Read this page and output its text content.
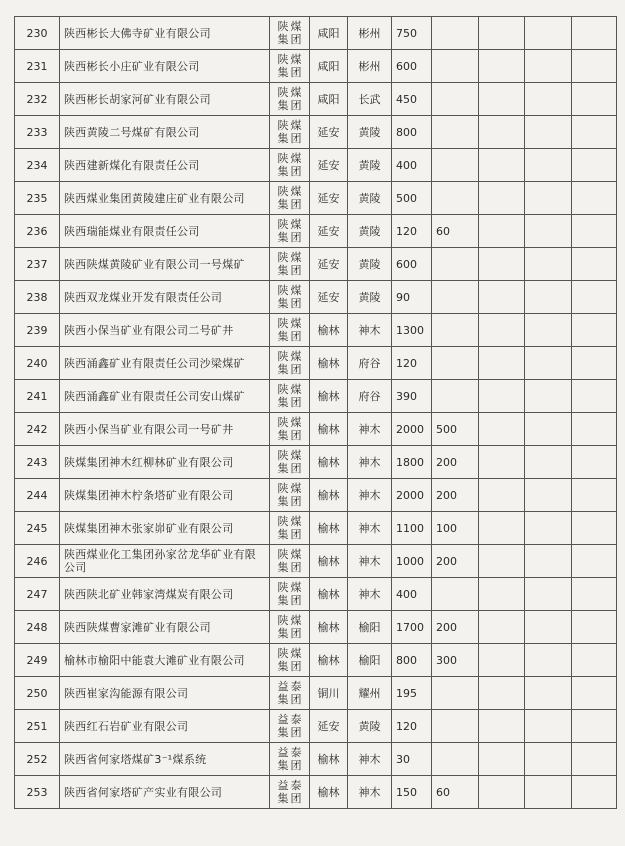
230	陕西彬长大佛寺矿业有限公司	陕煤集团	咸阳	彬州	750				
231	陕西彬长小庄矿业有限公司	陕煤集团	咸阳	彬州	600				
232	陕西彬长胡家河矿业有限公司	陕煤集团	咸阳	长武	450				
233	陕西黄陵二号煤矿有限公司	陕煤集团	延安	黄陵	800				
234	陕西建新煤化有限责任公司	陕煤集团	延安	黄陵	400				
235	陕西煤业集团黄陵建庄矿业有限公司	陕煤集团	延安	黄陵	500				
236	陕西瑞能煤业有限责任公司	陕煤集团	延安	黄陵	120	60			
237	陕西陕煤黄陵矿业有限公司一号煤矿	陕煤集团	延安	黄陵	600				
238	陕西双龙煤业开发有限责任公司	陕煤集团	延安	黄陵	90				
239	陕西小保当矿业有限公司二号矿井	陕煤集团	榆林	神木	1300				
240	陕西涌鑫矿业有限责任公司沙梁煤矿	陕煤集团	榆林	府谷	120				
241	陕西涌鑫矿业有限责任公司安山煤矿	陕煤集团	榆林	府谷	390				
242	陕西小保当矿业有限公司一号矿井	陕煤集团	榆林	神木	2000	500			
243	陕煤集团神木红柳林矿业有限公司	陕煤集团	榆林	神木	1800	200			
244	陕煤集团神木柠条塔矿业有限公司	陕煤集团	榆林	神木	2000	200			
245	陕煤集团神木张家峁矿业有限公司	陕煤集团	榆林	神木	1100	100			
246	陕西煤业化工集团孙家岔龙华矿业有限公司	陕煤集团	榆林	神木	1000	200			
247	陕西陕北矿业韩家湾煤炭有限公司	陕煤集团	榆林	神木	400				
248	陕西陕煤曹家滩矿业有限公司	陕煤集团	榆林	榆阳	1700	200			
249	榆林市榆阳中能袁大滩矿业有限公司	陕煤集团	榆林	榆阳	800	300			
250	陕西崔家沟能源有限公司	益泰集团	铜川	耀州	195				
251	陕西红石岩矿业有限公司	益泰集团	延安	黄陵	120				
252	陕西省何家塔煤矿3⁻¹煤系统	益泰集团	榆林	神木	30				
253	陕西省何家塔矿产实业有限公司	益泰集团	榆林	神木	150	60			
